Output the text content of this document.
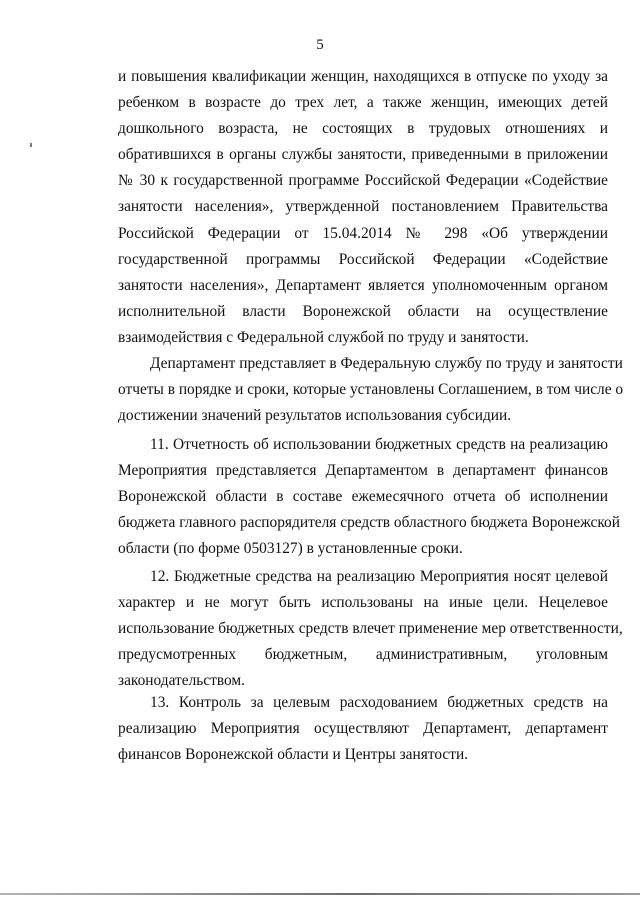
5

и повышения квалификации женщин, находящихся в отпуске по уходу за
ребенком в возрасте до трех лет, а также женщин, имеющих детей
дошкольного возраста, не состоящих в трудовых отношениях и
обратившихся в органы службы занятости, приведенными в приложении
№ 30 к государственной программе Российской Федерации «Содействие
занятости населения», утвержденной постановлением Правительства
Российской Федерации от 15.04.2014 № 298 «Об утверждении
государственной программы Российской Федерации «Содействие
занятости населения», Департамент является уполномоченным органом
исполнительной власти Воронежской области на осуществление
взаимодействия с Федеральной службой по труду и занятости.

Департамент представляет в Федеральную службу по труду и занятости
отчеты в порядке и сроки, которые установлены Соглашением, в том числе о
достижении значений результатов использования субсидии.

11. Отчетность об использовании бюджетных средств на реализацию
Мероприятия представляется Департаментом в департамент финансов
Воронежской области в составе ежемесячного отчета об исполнении
бюджета главного распорядителя средств областного бюджета Воронежской
области (по форме 0503127) в установленные сроки.

12. Бюджетные средства на реализацию Мероприятия носят целевой
характер и не могут быть использованы на иные цели. Нецелевое
использование бюджетных средств влечет применение мер ответственности,
предусмотренных бюджетным, административным, уголовным
законодательством.

13. Контроль за целевым расходованием бюджетных средств на
реализацию Мероприятия осуществляют Департамент, департамент
финансов Воронежской области и Центры занятости.
